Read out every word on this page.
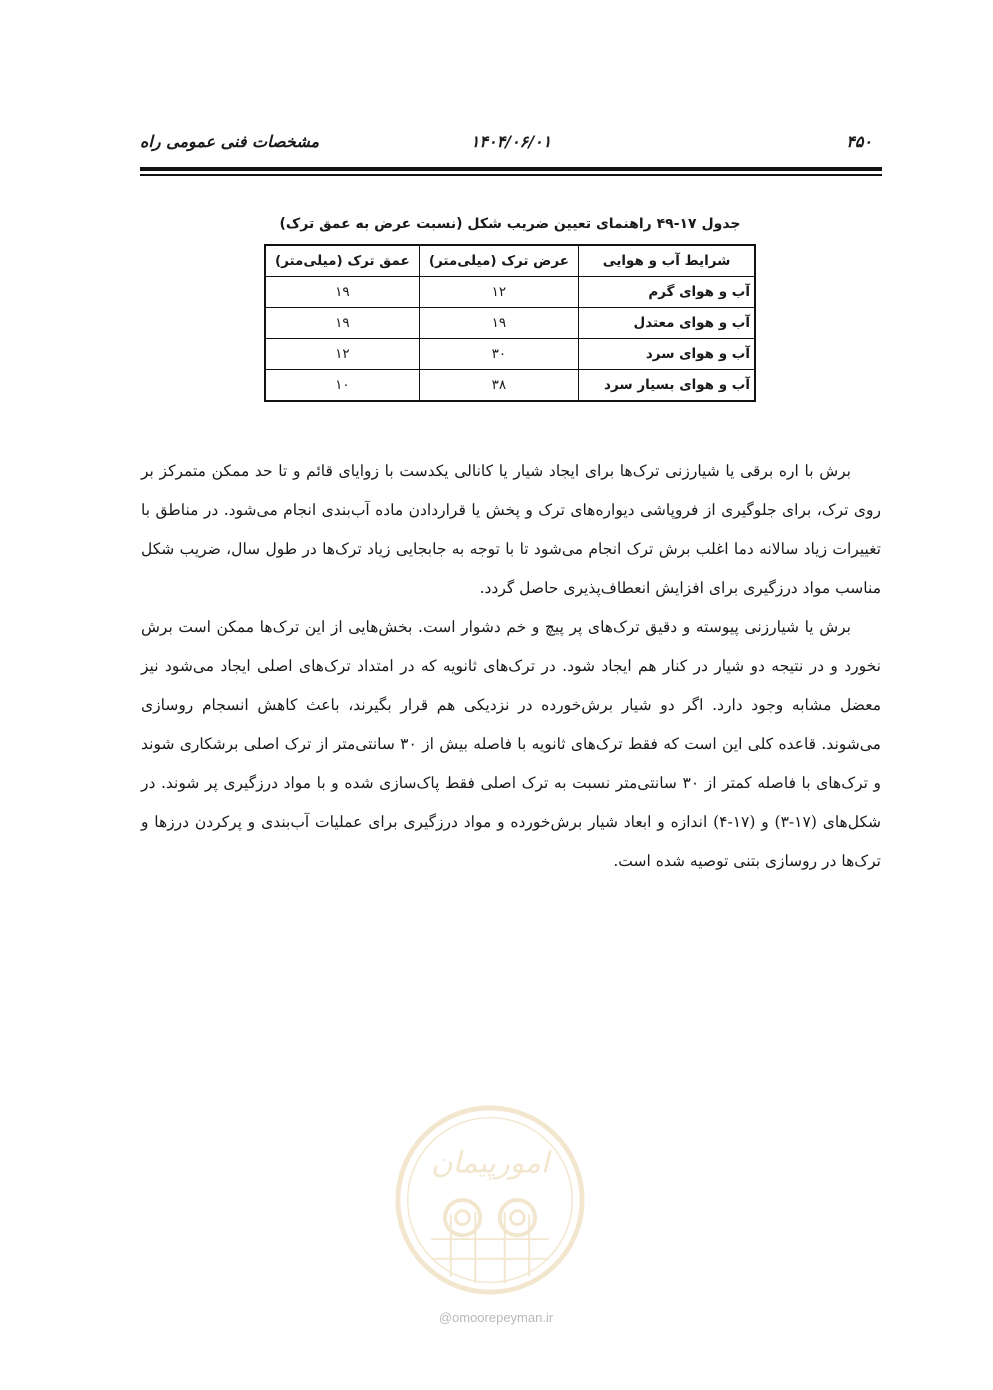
۴۵۰
۱۴۰۴/۰۶/۰۱
مشخصات فنی عمومی راه
جدول ۱۷-۴۹ راهنمای تعیین ضریب شکل (نسبت عرض به عمق ترک)
شرایط آب و هوایی	عرض ترک (میلی‌متر)	عمق ترک (میلی‌متر)
آب و هوای گرم	۱۲	۱۹
آب و هوای معتدل	۱۹	۱۹
آب و هوای سرد	۳۰	۱۲
آب و هوای بسیار سرد	۳۸	۱۰

برش با اره برقی یا شیارزنی ترک‌ها برای ایجاد شیار یا کانالی یکدست با زوایای قائم و تا حد ممکن متمرکز بر روی ترک، برای جلوگیری از فروپاشی دیواره‌های ترک و پخش یا قراردادن ماده آب‌بندی انجام می‌شود. در مناطق با تغییرات زیاد سالانه دما اغلب برش ترک انجام می‌شود تا با توجه به جابجایی زیاد ترک‌ها در طول سال، ضریب شکل مناسب مواد درزگیری برای افزایش انعطاف‌پذیری حاصل گردد.

برش یا شیارزنی پیوسته و دقیق ترک‌های پر پیچ و خم دشوار است. بخش‌هایی از این ترک‌ها ممکن است برش نخورد و در نتیجه دو شیار در کنار هم ایجاد شود. در ترک‌های ثانویه که در امتداد ترک‌های اصلی ایجاد می‌شود نیز معضل مشابه وجود دارد. اگر دو شیار برش‌خورده در نزدیکی هم قرار بگیرند، باعث کاهش انسجام روسازی می‌شوند. قاعده کلی این است که فقط ترک‌های ثانویه با فاصله بیش از ۳۰ سانتی‌متر از ترک اصلی برشکاری شوند و ترک‌های با فاصله کمتر از ۳۰ سانتی‌متر نسبت به ترک اصلی فقط پاک‌سازی شده و با مواد درزگیری پر شوند. در شکل‌های (۱۷-۳) و (۱۷-۴) اندازه و ابعاد شیار برش‌خورده و مواد درزگیری برای عملیات آب‌بندی و پرکردن درزها و ترک‌ها در روسازی بتنی توصیه شده است.

امورپیمان
@omoorepeyman.ir
